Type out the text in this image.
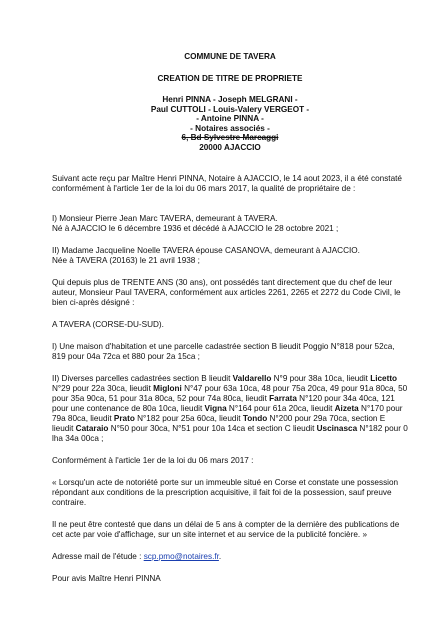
COMMUNE DE TAVERA
CREATION DE TITRE DE PROPRIETE
Henri PINNA - Joseph MELGRANI -
Paul CUTTOLI - Louis-Valery VERGEOT -
- Antoine PINNA -
- Notaires associés -
6, Bd Sylvestre Marcaggi
20000 AJACCIO

Suivant acte reçu par Maître Henri PINNA, Notaire à AJACCIO, le 14 aout 2023, il a été constaté conformément à l'article 1er de la loi du 06 mars 2017, la qualité de propriétaire de :

I) Monsieur Pierre Jean Marc TAVERA, demeurant à TAVERA.

Né à AJACCIO le 6 décembre 1936 et décédé à AJACCIO le 28 octobre 2021 ;

II) Madame Jacqueline Noelle TAVERA épouse CASANOVA, demeurant à AJACCIO.

Née à TAVERA (20163) le 21 avril 1938 ;

Qui depuis plus de TRENTE ANS (30 ans), ont possédés tant directement que du chef de leur auteur, Monsieur Paul TAVERA, conformément aux articles 2261, 2265 et 2272 du Code Civil, le bien ci-après désigné :

A TAVERA (CORSE-DU-SUD).

I) Une maison d'habitation et une parcelle cadastrée section B lieudit Poggio N°818 pour 52ca, 819 pour 04a 72ca et 880 pour 2a 15ca ;

II) Diverses parcelles cadastrées section B lieudit Valdarello N°9 pour 38a 10ca, lieudit Licetto N°29 pour 22a 30ca, lieudit Migloni N°47 pour 63a 10ca, 48 pour 75a 20ca, 49 pour 91a 80ca, 50 pour 35a 90ca, 51 pour 31a 80ca, 52 pour 74a 80ca, lieudit Farrata N°120 pour 34a 40ca, 121 pour une contenance de 80a 10ca, lieudit Vigna N°164 pour 61a 20ca, lieudit Aizeta N°170 pour 79a 80ca, lieudit Prato N°182 pour 25a 60ca, lieudit Tondo N°200 pour 29a 70ca, section E lieudit Cataraio N°50 pour 30ca, N°51 pour 10a 14ca et section C lieudit Uscinasca N°182 pour 0 lha 34a 00ca ;

Conformément à l'article 1er de la loi du 06 mars 2017 :

« Lorsqu'un acte de notoriété porte sur un immeuble situé en Corse et constate une possession répondant aux conditions de la prescription acquisitive, il fait foi de la possession, sauf preuve contraire.

Il ne peut être contesté que dans un délai de 5 ans à compter de la dernière des publications de cet acte par voie d'affichage, sur un site internet et au service de la publicité foncière. »

Adresse mail de l'étude : scp.pmo@notaires.fr.

Pour avis Maître Henri PINNA
